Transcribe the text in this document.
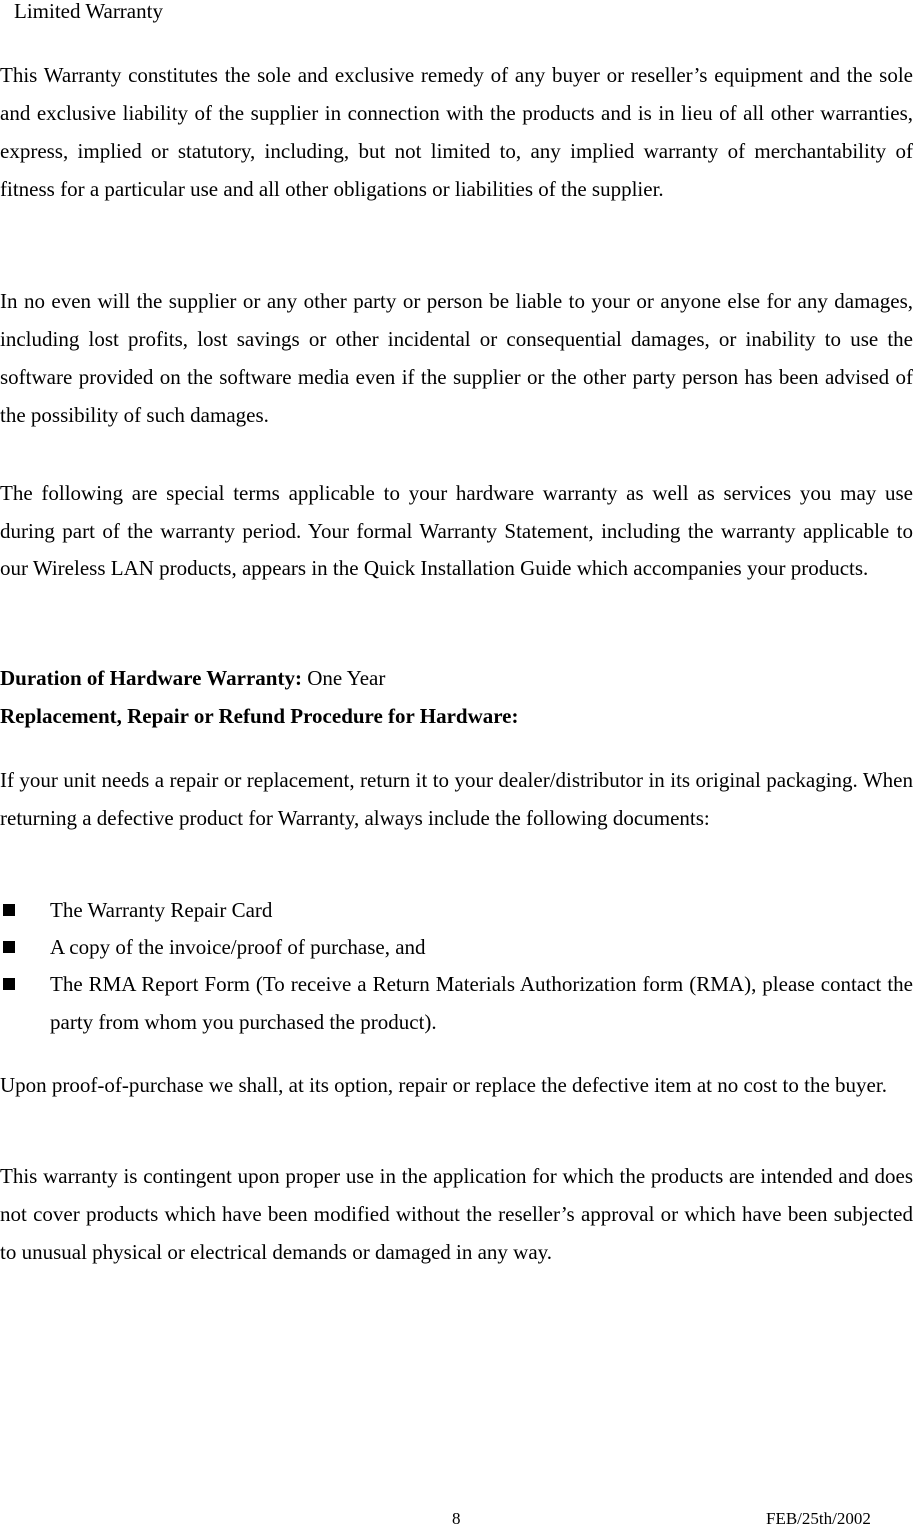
Limited Warranty

This Warranty constitutes the sole and exclusive remedy of any buyer or reseller’s equipment and the sole and exclusive liability of the supplier in connection with the products and is in lieu of all other warranties, express, implied or statutory, including, but not limited to, any implied warranty of merchantability of fitness for a particular use and all other obligations or liabilities of the supplier.

In no even will the supplier or any other party or person be liable to your or anyone else for any damages, including lost profits, lost savings or other incidental or consequential damages, or inability to use the software provided on the software media even if the supplier or the other party person has been advised of the possibility of such damages.

The following are special terms applicable to your hardware warranty as well as services you may use during part of the warranty period. Your formal Warranty Statement, including the warranty applicable to our Wireless LAN products, appears in the Quick Installation Guide which accompanies your products.

Duration of Hardware Warranty: One Year
Replacement, Repair or Refund Procedure for Hardware:

If your unit needs a repair or replacement, return it to your dealer/distributor in its original packaging. When returning a defective product for Warranty, always include the following documents:

The Warranty Repair Card
A copy of the invoice/proof of purchase, and
The RMA Report Form (To receive a Return Materials Authorization form (RMA), please contact the party from whom you purchased the product).

Upon proof-of-purchase we shall, at its option, repair or replace the defective item at no cost to the buyer.

This warranty is contingent upon proper use in the application for which the products are intended and does not cover products which have been modified without the reseller’s approval or which have been subjected to unusual physical or electrical demands or damaged in any way.

8	FEB/25th/2002
